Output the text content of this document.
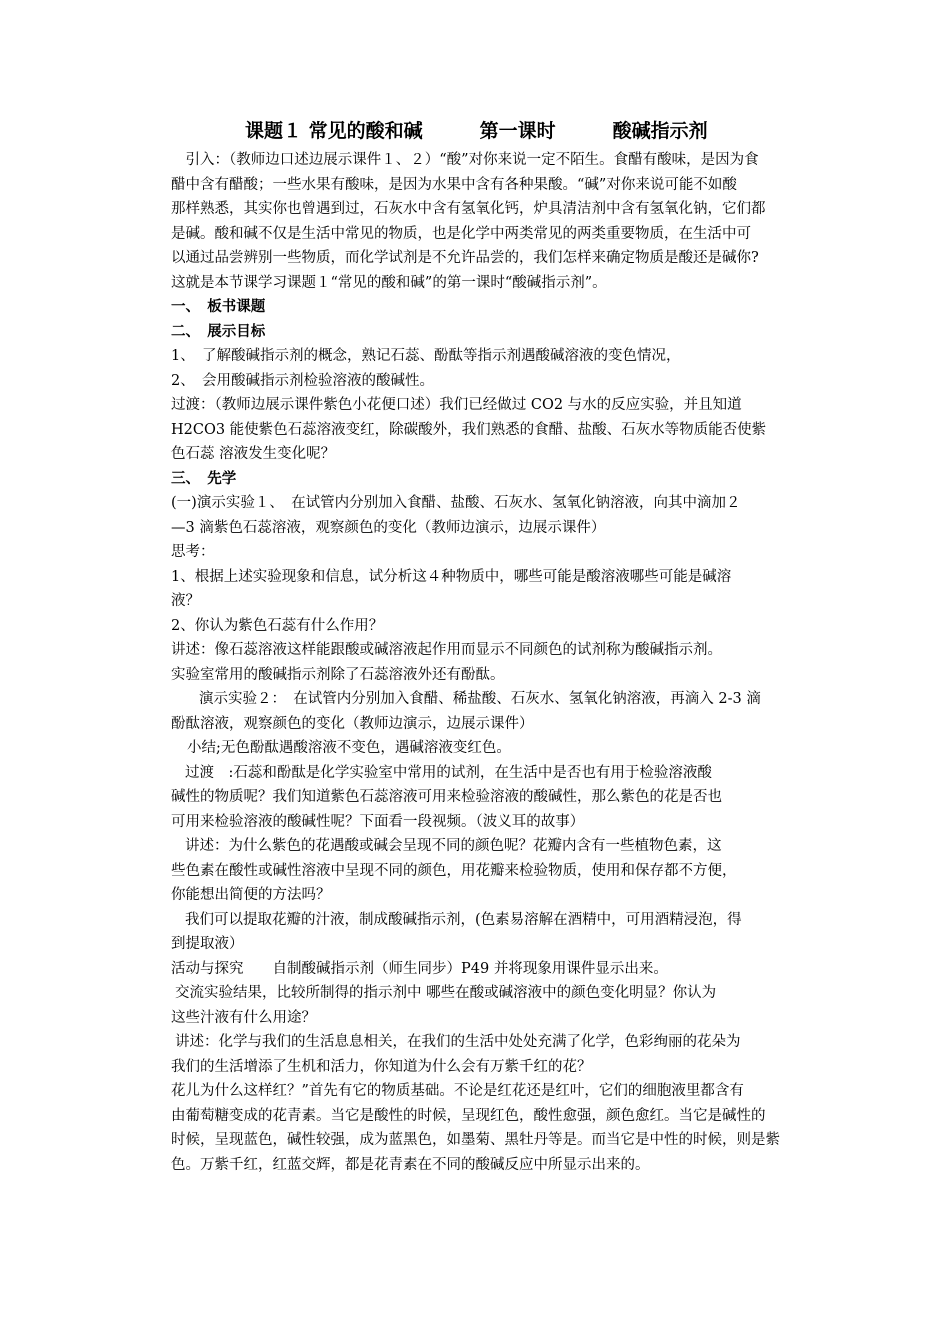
课题１ 常见的酸和碱　　　	第一课时　　　	酸碱指示剂
　引入：（教师边口述边展示课件１、２）“酸”对你来说一定不陌生。食醋有酸味，是因为食
醋中含有醋酸；一些水果有酸味，是因为水果中含有各种果酸。“碱”对你来说可能不如酸
那样熟悉，其实你也曾遇到过，石灰水中含有氢氧化钙，炉具清洁剂中含有氢氧化钠，它们都
是碱。酸和碱不仅是生活中常见的物质，也是化学中两类常见的两类重要物质，在生活中可
以通过品尝辨别一些物质，而化学试剂是不允许品尝的，我们怎样来确定物质是酸还是碱你?
这就是本节课学习课题１“常见的酸和碱”的第一课时“酸碱指示剂”。
一、　板书课题
二、　展示目标
1、　了解酸碱指示剂的概念，熟记石蕊、酚酞等指示剂遇酸碱溶液的变色情况，
2、　会用酸碱指示剂检验溶液的酸碱性。
过渡：（教师边展示课件紫色小花便口述）我们已经做过 CO2 与水的反应实验，并且知道
H2CO3 能使紫色石蕊溶液变红，除碳酸外，我们熟悉的食醋、盐酸、石灰水等物质能否使紫
色石蕊 溶液发生变化呢？
三、　先学
(一)演示实验１、　在试管内分别加入食醋、盐酸、石灰水、氢氧化钠溶液，向其中滴加２
—3 滴紫色石蕊溶液，观察颜色的变化（教师边演示，边展示课件）
思考：
1、根据上述实验现象和信息，试分析这４种物质中，哪些可能是酸溶液哪些可能是碱溶
液？
2、你认为紫色石蕊有什么作用？
讲述：像石蕊溶液这样能跟酸或碱溶液起作用而显示不同颜色的试剂称为酸碱指示剂。
实验室常用的酸碱指示剂除了石蕊溶液外还有酚酞。
演示实验２：　在试管内分别加入食醋、稀盐酸、石灰水、氢氧化钠溶液，再滴入 2-3 滴
酚酞溶液，观察颜色的变化（教师边演示，边展示课件）
小结;无色酚酞遇酸溶液不变色，遇碱溶液变红色。
过渡　:石蕊和酚酞是化学实验室中常用的试剂，在生活中是否也有用于检验溶液酸
碱性的物质呢？我们知道紫色石蕊溶液可用来检验溶液的酸碱性，那么紫色的花是否也
可用来检验溶液的酸碱性呢？下面看一段视频。（波义耳的故事）
讲述：为什么紫色的花遇酸或碱会呈现不同的颜色呢？花瓣内含有一些植物色素，这
些色素在酸性或碱性溶液中呈现不同的颜色，用花瓣来检验物质，使用和保存都不方便，
你能想出简便的方法吗？
我们可以提取花瓣的汁液，制成酸碱指示剂，(色素易溶解在酒精中，可用酒精浸泡，得
到提取液）
活动与探究　　自制酸碱指示剂（师生同步）P49 并将现象用课件显示出来。
交流实验结果，比较所制得的指示剂中 哪些在酸或碱溶液中的颜色变化明显？你认为
这些汁液有什么用途？
讲述：化学与我们的生活息息相关，在我们的生活中处处充满了化学，色彩绚丽的花朵为
我们的生活增添了生机和活力，你知道为什么会有万紫千红的花？
花儿为什么这样红？”首先有它的物质基础。不论是红花还是红叶，它们的细胞液里都含有
由葡萄糖变成的花青素。当它是酸性的时候，呈现红色，酸性愈强，颜色愈红。当它是碱性的
时候，呈现蓝色，碱性较强，成为蓝黑色，如墨菊、黑牡丹等是。而当它是中性的时候，则是紫
色。万紫千红，红蓝交辉，都是花青素在不同的酸碱反应中所显示出来的。
